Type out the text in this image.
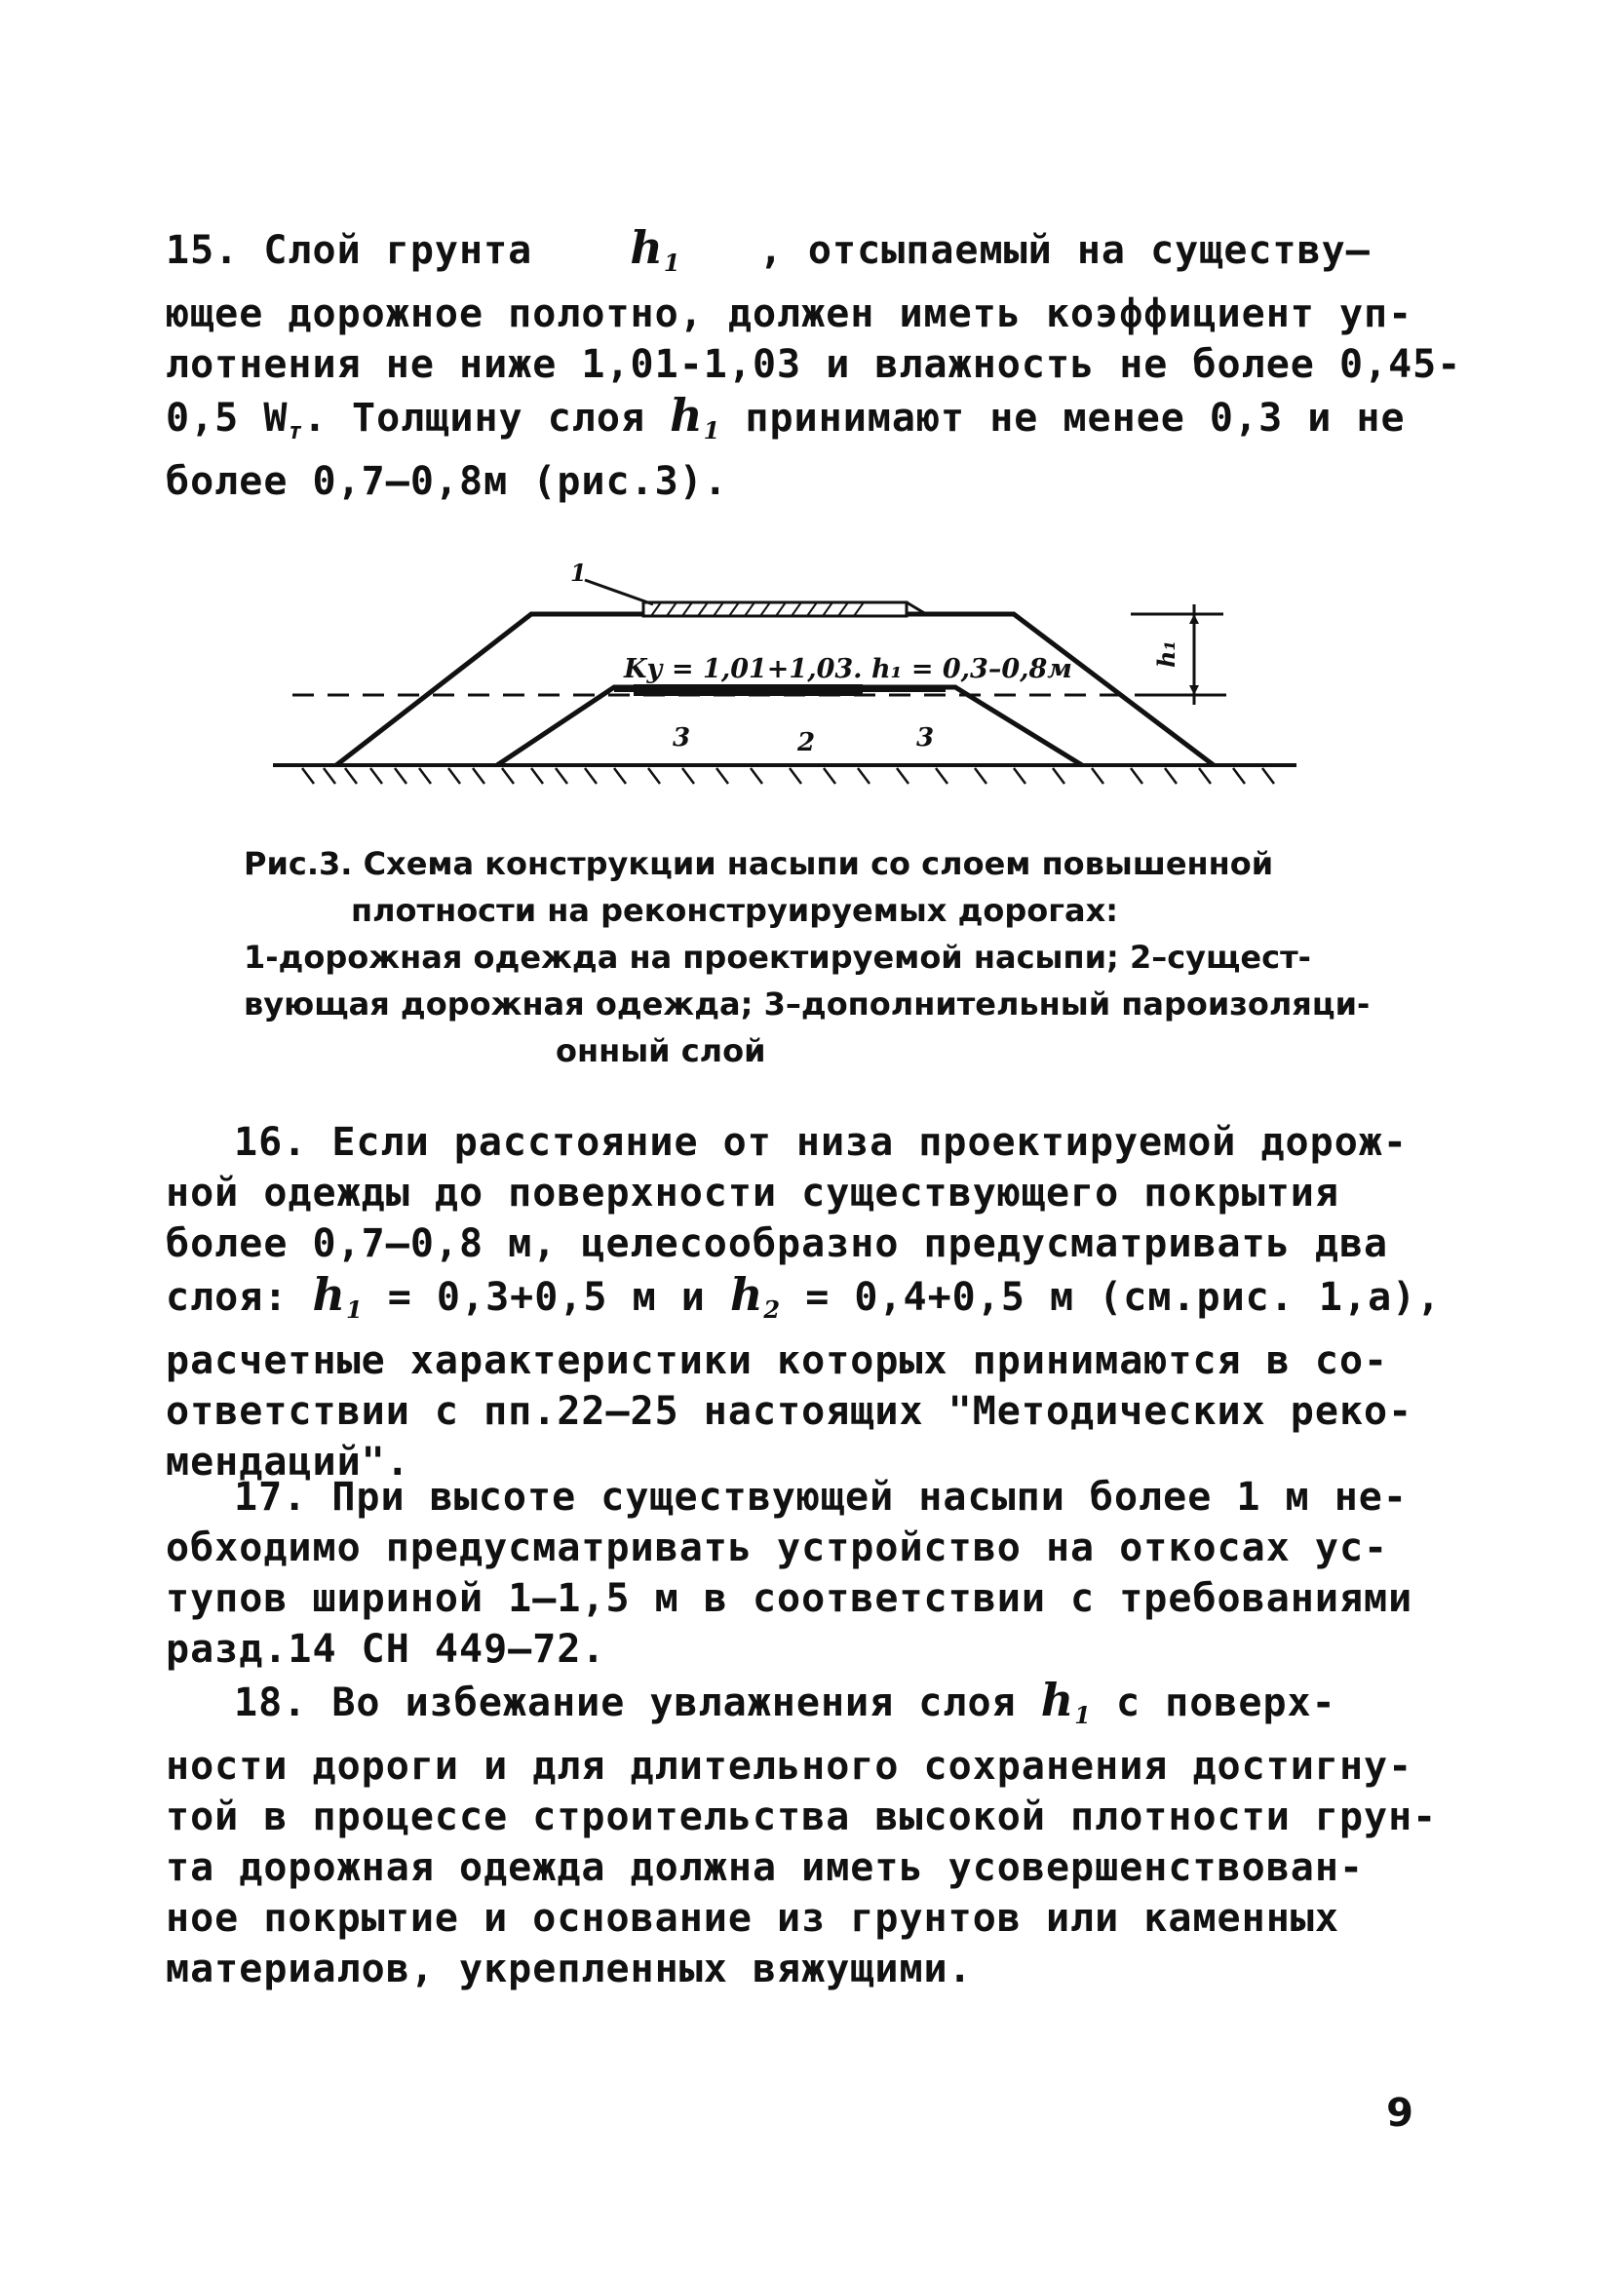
15. Слой грунта $h_1$ , отсыпаемый на существу–
ющее дорожное полотно, должен иметь коэффициент уп-
лотнения не ниже 1,01-1,03 и влажность не более 0,45-
0,5 $W_т$. Толщину слоя $h_1$ принимают не менее 0,3 и не
более 0,7–0,8м (рис.3).
1
Kу = 1,01+1,03. h₁ = 0,3–0,8м
3	2	3
h₁
Рис.3. Схема конструкции насыпи со слоем повышенной
плотности на реконструируемых дорогах:
1-дорожная одежда на проектируемой насыпи; 2–сущест-
вующая дорожная одежда; 3–дополнительный пароизоляци-
онный слой
16. Если расстояние от низа проектируемой дорож-
ной одежды до поверхности существующего покрытия
более 0,7–0,8 м, целесообразно предусматривать два
слоя: $h_1 = 0,3+0,5$ м и $h_2 = 0,4+0,5$ м (см.рис. 1,а),
расчетные характеристики которых принимаются в со-
ответствии с пп.22–25 настоящих "Методических реко-
мендаций".
17. При высоте существующей насыпи более 1 м не-
обходимо предусматривать устройство на откосах ус-
тупов шириной 1–1,5 м в соответствии с требованиями
разд.14 СН 449–72.
18. Во избежание увлажнения слоя $h_1$ с поверх-
ности дороги и для длительного сохранения достигну-
той в процессе строительства высокой плотности грун-
та дорожная одежда должна иметь усовершенствован-
ное покрытие и основание из грунтов или каменных
материалов, укрепленных вяжущими.
9
